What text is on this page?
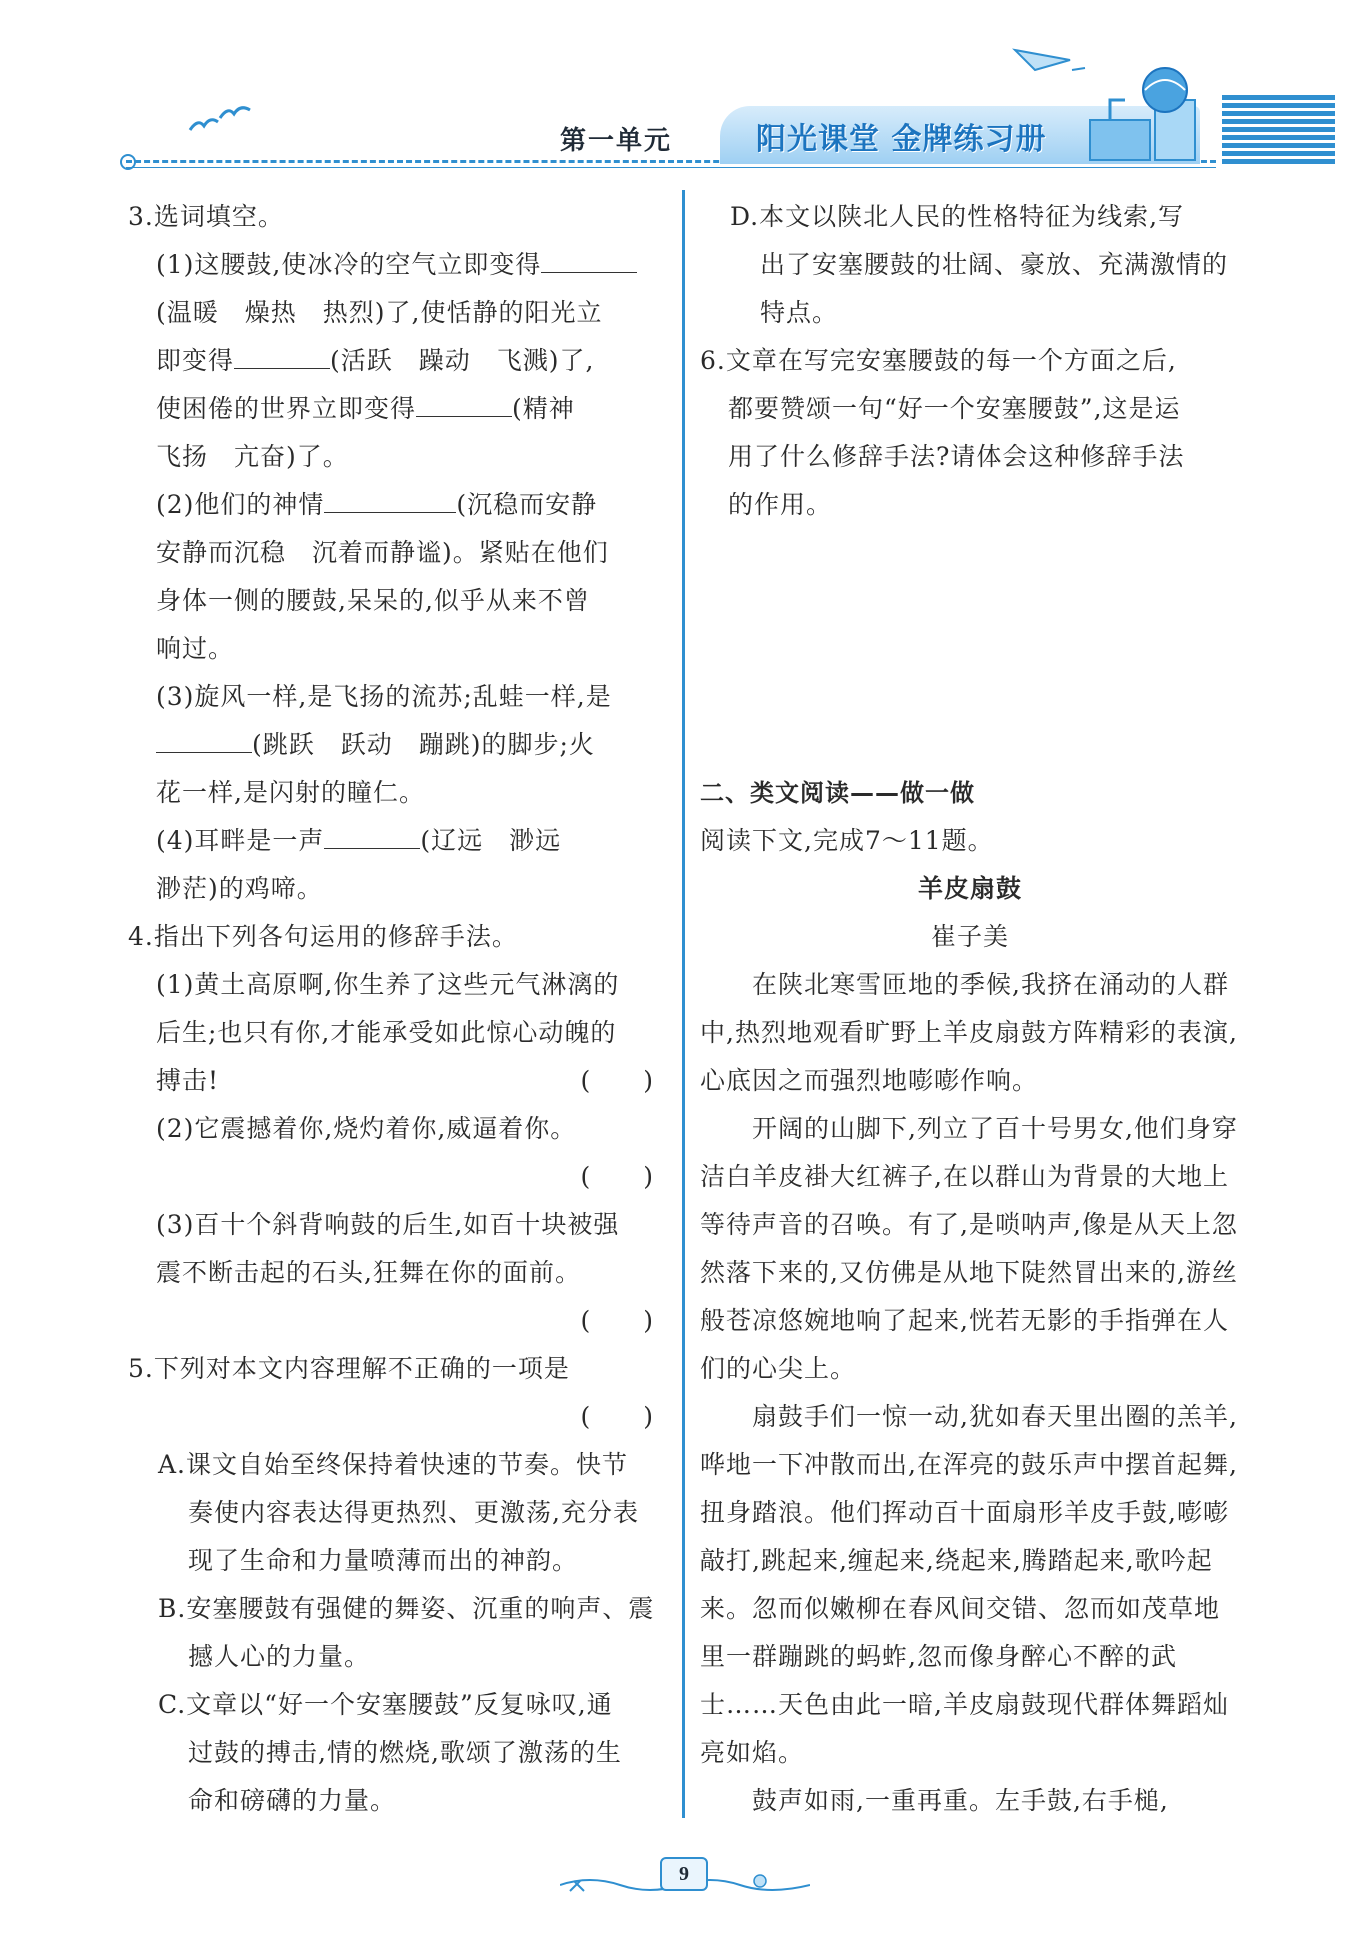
第一单元	阳光课堂 金牌练习册
3.选词填空。
(1)这腰鼓,使冰冷的空气立即变得
(温暖　燥热　热烈)了,使恬静的阳光立
即变得	(活跃　躁动　飞溅)了,
使困倦的世界立即变得	(精神
飞扬　亢奋)了。
(2)他们的神情	(沉稳而安静
安静而沉稳　沉着而静谧)。紧贴在他们
身体一侧的腰鼓,呆呆的,似乎从来不曾
响过。
(3)旋风一样,是飞扬的流苏;乱蛙一样,是
(跳跃　跃动　蹦跳)的脚步;火
花一样,是闪射的瞳仁。
(4)耳畔是一声	(辽远　渺远
渺茫)的鸡啼。
4.指出下列各句运用的修辞手法。
(1)黄土高原啊,你生养了这些元气淋漓的
后生;也只有你,才能承受如此惊心动魄的
搏击!	(　　)
(2)它震撼着你,烧灼着你,威逼着你。
(　　)
(3)百十个斜背响鼓的后生,如百十块被强
震不断击起的石头,狂舞在你的面前。
(　　)
5.下列对本文内容理解不正确的一项是
(　　)
A.课文自始至终保持着快速的节奏。快节
奏使内容表达得更热烈、更激荡,充分表
现了生命和力量喷薄而出的神韵。
B.安塞腰鼓有强健的舞姿、沉重的响声、震
撼人心的力量。
C.文章以“好一个安塞腰鼓”反复咏叹,通
过鼓的搏击,情的燃烧,歌颂了激荡的生
命和磅礴的力量。
D.本文以陕北人民的性格特征为线索,写
出了安塞腰鼓的壮阔、豪放、充满激情的
特点。
6.文章在写完安塞腰鼓的每一个方面之后,
都要赞颂一句“好一个安塞腰鼓”,这是运
用了什么修辞手法?请体会这种修辞手法
的作用。
二、类文阅读——做一做
阅读下文,完成7～11题。
羊皮扇鼓
崔子美
在陕北寒雪匝地的季候,我挤在涌动的人群中,热烈地观看旷野上羊皮扇鼓方阵精彩的表演,心底因之而强烈地嘭嘭作响。
开阔的山脚下,列立了百十号男女,他们身穿洁白羊皮褂大红裤子,在以群山为背景的大地上等待声音的召唤。有了,是唢呐声,像是从天上忽然落下来的,又仿佛是从地下陡然冒出来的,游丝般苍凉悠婉地响了起来,恍若无影的手指弹在人们的心尖上。
扇鼓手们一惊一动,犹如春天里出圈的羔羊,哗地一下冲散而出,在浑亮的鼓乐声中摆首起舞,扭身踏浪。他们挥动百十面扇形羊皮手鼓,嘭嘭敲打,跳起来,缠起来,绕起来,腾踏起来,歌吟起来。忽而似嫩柳在春风间交错、忽而如茂草地里一群蹦跳的蚂蚱,忽而像身醉心不醉的武士……天色由此一暗,羊皮扇鼓现代群体舞蹈灿亮如焰。
鼓声如雨,一重再重。左手鼓,右手槌,
9
